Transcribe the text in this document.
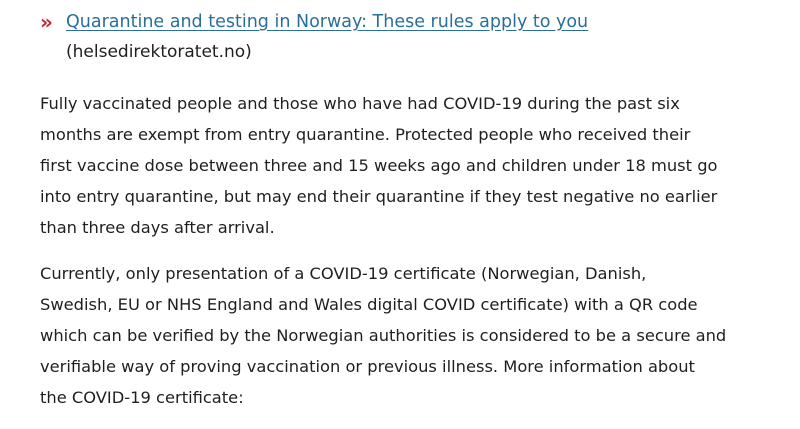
» Quarantine and testing in Norway: These rules apply to you
(helsedirektoratet.no)
Fully vaccinated people and those who have had COVID-19 during the past six
months are exempt from entry quarantine. Protected people who received their
first vaccine dose between three and 15 weeks ago and children under 18 must go
into entry quarantine, but may end their quarantine if they test negative no earlier
than three days after arrival.
Currently, only presentation of a COVID-19 certificate (Norwegian, Danish,
Swedish, EU or NHS England and Wales digital COVID certificate) with a QR code
which can be verified by the Norwegian authorities is considered to be a secure and
verifiable way of proving vaccination or previous illness. More information about
the COVID-19 certificate:
